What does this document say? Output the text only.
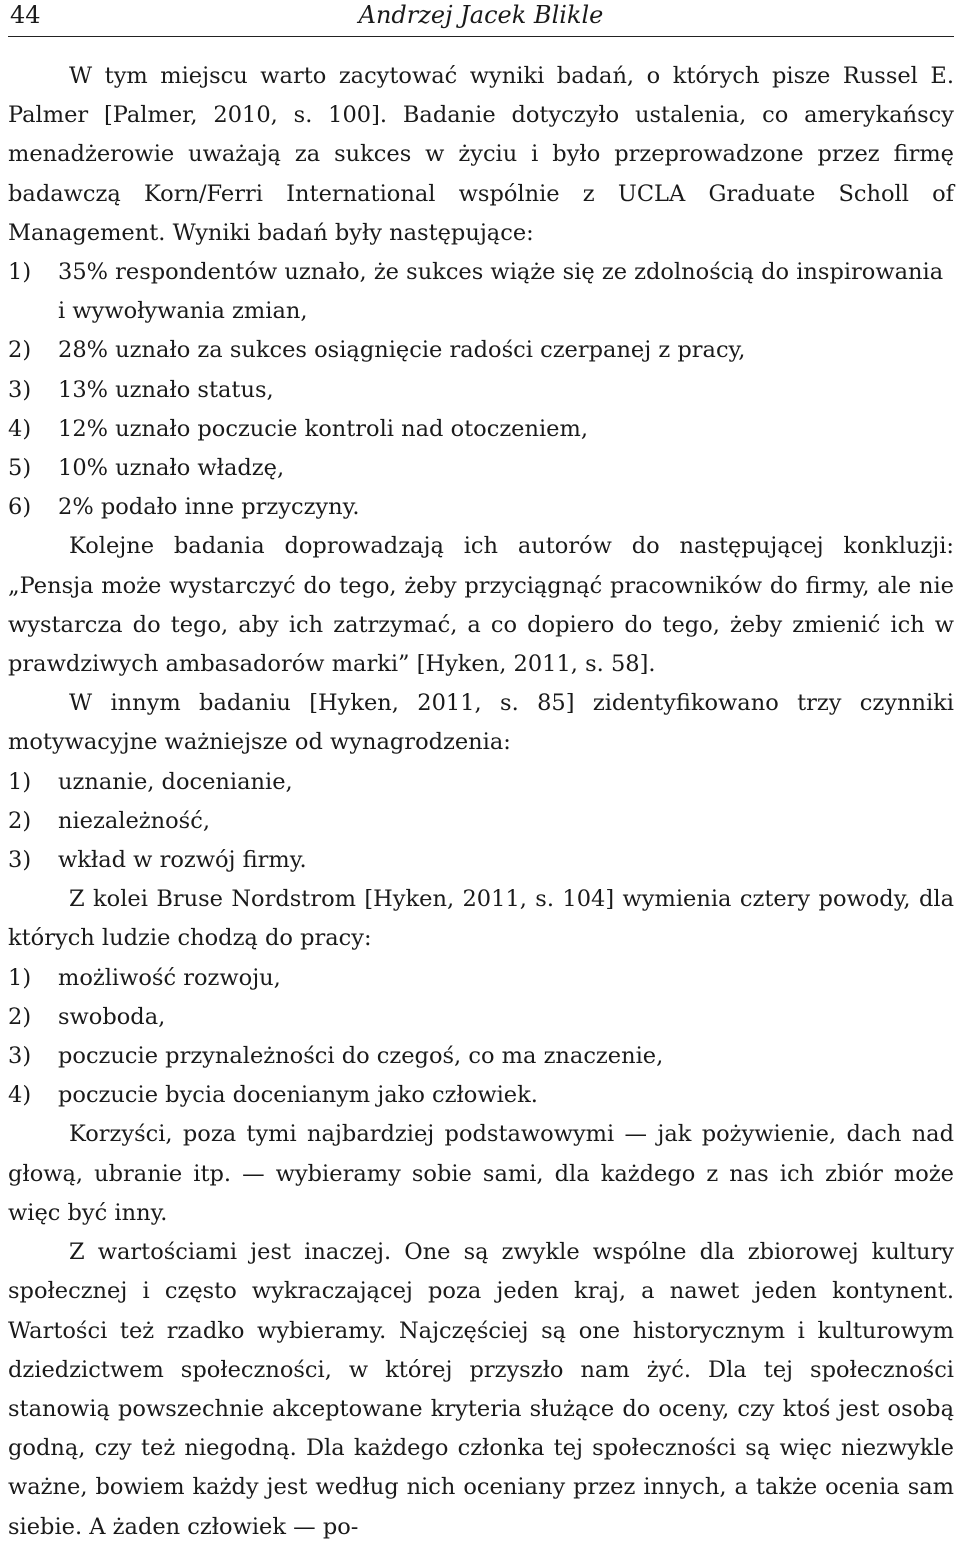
44	Andrzej Jacek Blikle

W tym miejscu warto zacytować wyniki badań, o których pisze Russel E. Palmer [Palmer, 2010, s. 100]. Badanie dotyczyło ustalenia, co amerykańscy menadżerowie uważają za sukces w życiu i było przeprowadzone przez firmę badawczą Korn/Ferri International wspólnie z UCLA Graduate Scholl of Management. Wyniki badań były następujące:

1)	35% respondentów uznało, że sukces wiąże się ze zdolnością do inspirowania i wywoływania zmian,
2)	28% uznało za sukces osiągnięcie radości czerpanej z pracy,
3)	13% uznało status,
4)	12% uznało poczucie kontroli nad otoczeniem,
5)	10% uznało władzę,
6)	2% podało inne przyczyny.

Kolejne badania doprowadzają ich autorów do następującej konkluzji: „Pensja może wystarczyć do tego, żeby przyciągnąć pracowników do firmy, ale nie wystarcza do tego, aby ich zatrzymać, a co dopiero do tego, żeby zmienić ich w prawdziwych ambasadorów marki” [Hyken, 2011, s. 58].

W innym badaniu [Hyken, 2011, s. 85] zidentyfikowano trzy czynniki motywacyjne ważniejsze od wynagrodzenia:

1)	uznanie, docenianie,
2)	niezależność,
3)	wkład w rozwój firmy.

Z kolei Bruse Nordstrom [Hyken, 2011, s. 104] wymienia cztery powody, dla których ludzie chodzą do pracy:

1)	możliwość rozwoju,
2)	swoboda,
3)	poczucie przynależności do czegoś, co ma znaczenie,
4)	poczucie bycia docenianym jako człowiek.

Korzyści, poza tymi najbardziej podstawowymi — jak pożywienie, dach nad głową, ubranie itp. — wybieramy sobie sami, dla każdego z nas ich zbiór może więc być inny.

Z wartościami jest inaczej. One są zwykle wspólne dla zbiorowej kultury społecznej i często wykraczającej poza jeden kraj, a nawet jeden kontynent. Wartości też rzadko wybieramy. Najczęściej są one historycznym i kulturowym dziedzictwem społeczności, w której przyszło nam żyć. Dla tej społeczności stanowią powszechnie akceptowane kryteria służące do oceny, czy ktoś jest osobą godną, czy też niegodną. Dla każdego członka tej społeczności są więc niezwykle ważne, bowiem każdy jest według nich oceniany przez innych, a także ocenia sam siebie. A żaden człowiek — po-
